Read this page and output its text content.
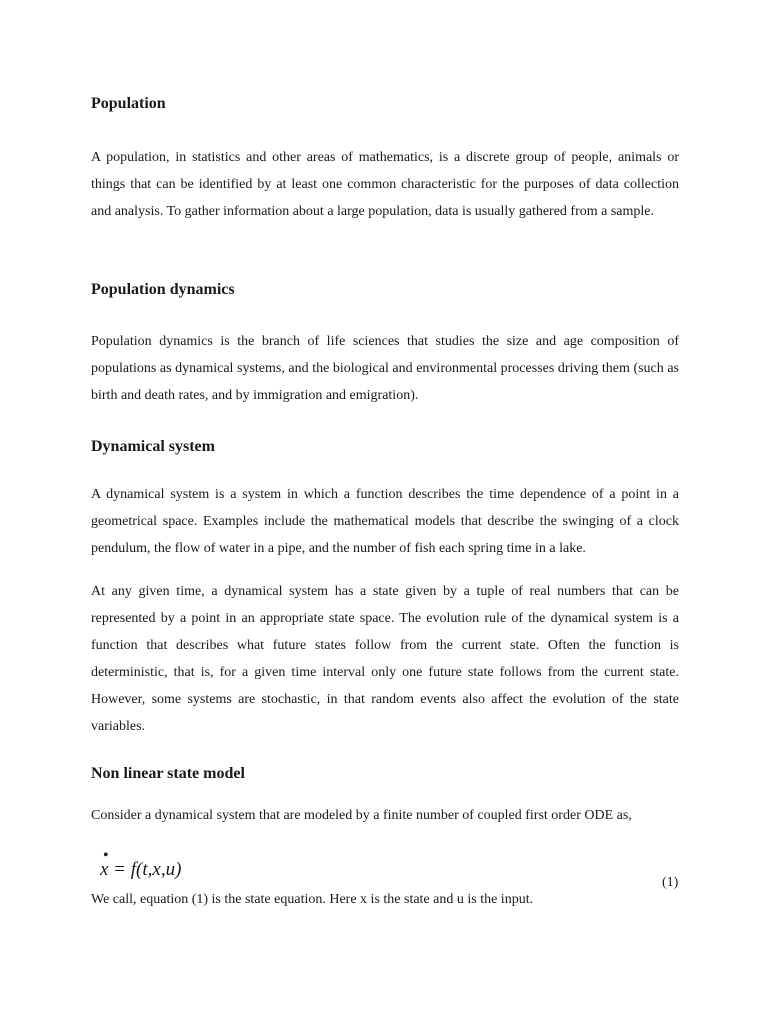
Population

A population, in statistics and other areas of mathematics, is a discrete group of people, animals or things that can be identified by at least one common characteristic for the purposes of data collection and analysis. To gather information about a large population, data is usually gathered from a sample.

Population dynamics

Population dynamics is the branch of life sciences that studies the size and age composition of populations as dynamical systems, and the biological and environmental processes driving them (such as birth and death rates, and by immigration and emigration).

Dynamical system

A dynamical system is a system in which a function describes the time dependence of a point in a geometrical space. Examples include the mathematical models that describe the swinging of a clock pendulum, the flow of water in a pipe, and the number of fish each spring time in a lake.

At any given time, a dynamical system has a state given by a tuple of real numbers that can be represented by a point in an appropriate state space. The evolution rule of the dynamical system is a function that describes what future states follow from the current state. Often the function is deterministic, that is, for a given time interval only one future state follows from the current state. However, some systems are stochastic, in that random events also affect the evolution of the state variables.

Non linear state model

Consider a dynamical system that are modeled by a finite number of coupled first order ODE as,

•
x = f(t,x,u)
(1)

We call, equation (1) is the state equation. Here x is the state and u is the input.
